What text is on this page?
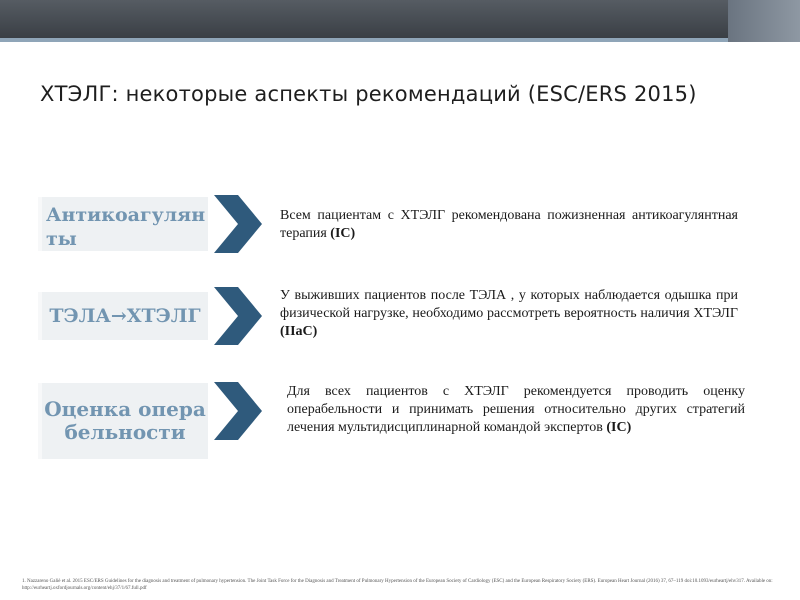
ХТЭЛГ: некоторые аспекты рекомендаций (ESC/ERS 2015)
Антикоагулянты
Всем пациентам с ХТЭЛГ рекомендована пожизненная антикоагулянтная терапия (IС)
ТЭЛА→ХТЭЛГ
У выживших пациентов после ТЭЛА , у которых наблюдается одышка при физической нагрузке, необходимо рассмотреть вероятность наличия ХТЭЛГ (IIaC)
Оценка операбельности
Для всех пациентов с ХТЭЛГ рекомендуется проводить оценку операбельности и принимать решения относительно других стратегий лечения мультидисциплинарной командой экспертов (IС)
1. Nazzareno Galiè et al. 2015 ESC/ERS Guidelines for the diagnosis and treatment of pulmonary hypertension. The Joint Task Force for the Diagnosis and Treatment of Pulmonary Hypertension of the European Society of Cardiology (ESC) and the European Respiratory Society (ERS). European Heart Journal (2016) 37, 67–119 doi:10.1093/eurheartj/ehv317. Available on: http://eurheartj.oxfordjournals.org/content/ehj/37/1/67.full.pdf
